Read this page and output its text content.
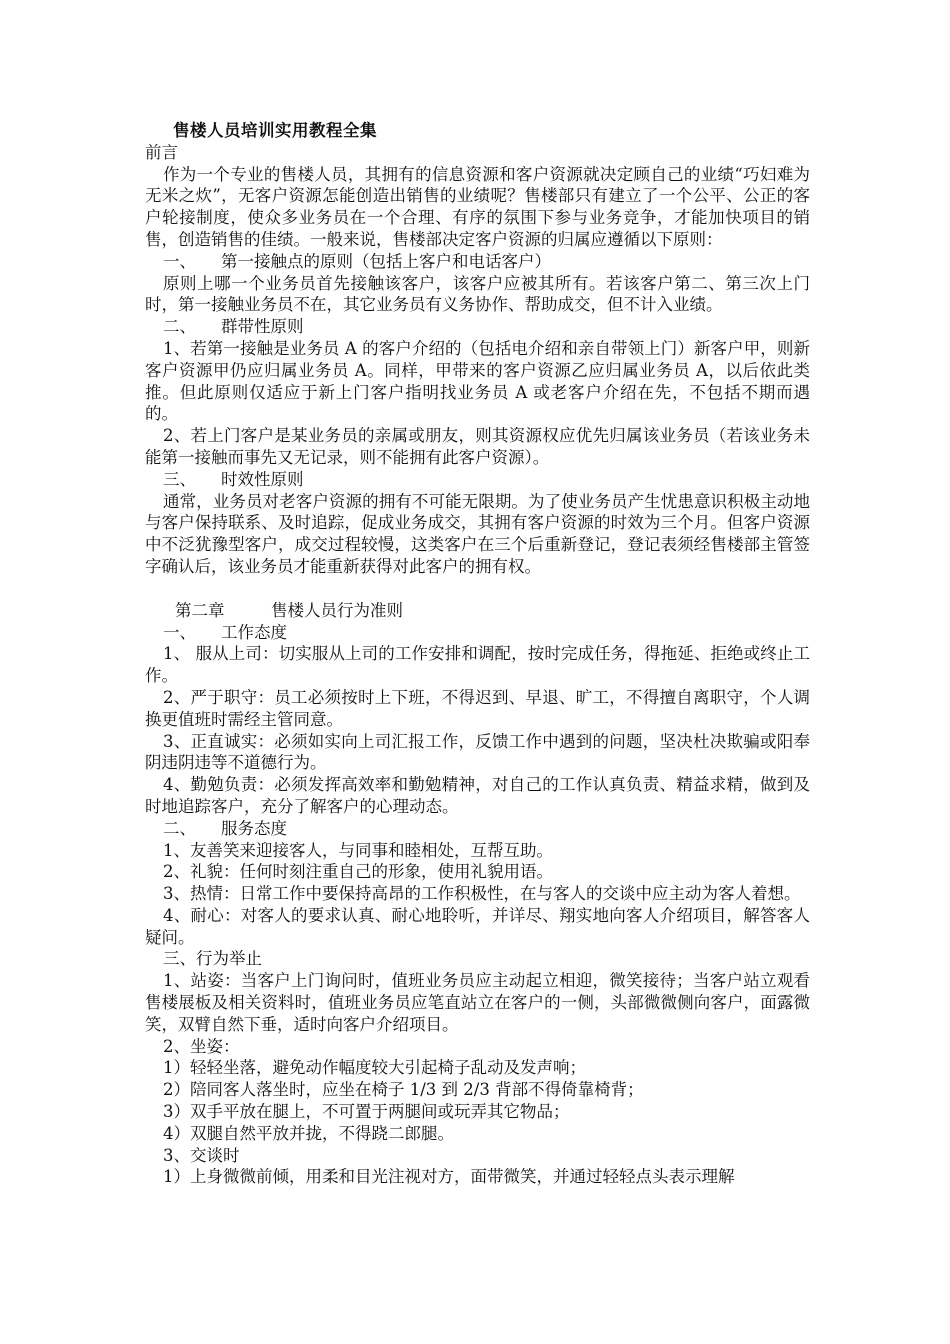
售楼人员培训实用教程全集
前言

作为一个专业的售楼人员，其拥有的信息资源和客户资源就决定顾自己的业绩“巧妇难为无米之炊”，无客户资源怎能创造出销售的业绩呢？售楼部只有建立了一个公平、公正的客户轮接制度，使众多业务员在一个合理、有序的氛围下参与业务竞争，才能加快项目的销售，创造销售的佳绩。一般来说，售楼部决定客户资源的归属应遵循以下原则：

一、 第一接触点的原则（包括上客户和电话客户）

原则上哪一个业务员首先接触该客户，该客户应被其所有。若该客户第二、第三次上门时，第一接触业务员不在，其它业务员有义务协作、帮助成交，但不计入业绩。

二、 群带性原则

1、若第一接触是业务员 A 的客户介绍的（包括电介绍和亲自带领上门）新客户甲，则新客户资源甲仍应归属业务员 A。同样，甲带来的客户资源乙应归属业务员 A，以后依此类推。但此原则仅适应于新上门客户指明找业务员 A 或老客户介绍在先，不包括不期而遇的。

2、若上门客户是某业务员的亲属或朋友，则其资源权应优先归属该业务员（若该业务未能第一接触而事先又无记录，则不能拥有此客户资源）。

三、 时效性原则

通常，业务员对老客户资源的拥有不可能无限期。为了使业务员产生忧患意识积极主动地与客户保持联系、及时追踪，促成业务成交，其拥有客户资源的时效为三个月。但客户资源中不泛犹豫型客户，成交过程较慢，这类客户在三个后重新登记，登记表须经售楼部主管签字确认后，该业务员才能重新获得对此客户的拥有权。

第二章	售楼人员行为准则
一、 工作态度

1、 服从上司：切实服从上司的工作安排和调配，按时完成任务，得拖延、拒绝或终止工作。

2、严于职守：员工必须按时上下班，不得迟到、早退、旷工，不得擅自离职守，个人调换更值班时需经主管同意。

3、正直诚实：必须如实向上司汇报工作，反馈工作中遇到的问题，坚决杜决欺骗或阳奉阴违阴违等不道德行为。

4、勤勉负责：必须发挥高效率和勤勉精神，对自己的工作认真负责、精益求精，做到及时地追踪客户，充分了解客户的心理动态。

二、 服务态度

1、友善笑来迎接客人，与同事和睦相处，互帮互助。

2、礼貌：任何时刻注重自己的形象，使用礼貌用语。

3、热情：日常工作中要保持高昂的工作积极性，在与客人的交谈中应主动为客人着想。

4、耐心：对客人的要求认真、耐心地聆听，并详尽、翔实地向客人介绍项目，解答客人疑问。

三、行为举止

1、站姿：当客户上门询问时，值班业务员应主动起立相迎，微笑接待；当客户站立观看售楼展板及相关资料时，值班业务员应笔直站立在客户的一侧，头部微微侧向客户，面露微笑，双臂自然下垂，适时向客户介绍项目。

2、坐姿：

1）轻轻坐落，避免动作幅度较大引起椅子乱动及发声响；

2）陪同客人落坐时，应坐在椅子 1/3 到 2/3 背部不得倚靠椅背；

3）双手平放在腿上，不可置于两腿间或玩弄其它物品；

4）双腿自然平放并拢，不得跷二郎腿。

3、交谈时

1）上身微微前倾，用柔和目光注视对方，面带微笑，并通过轻轻点头表示理解
